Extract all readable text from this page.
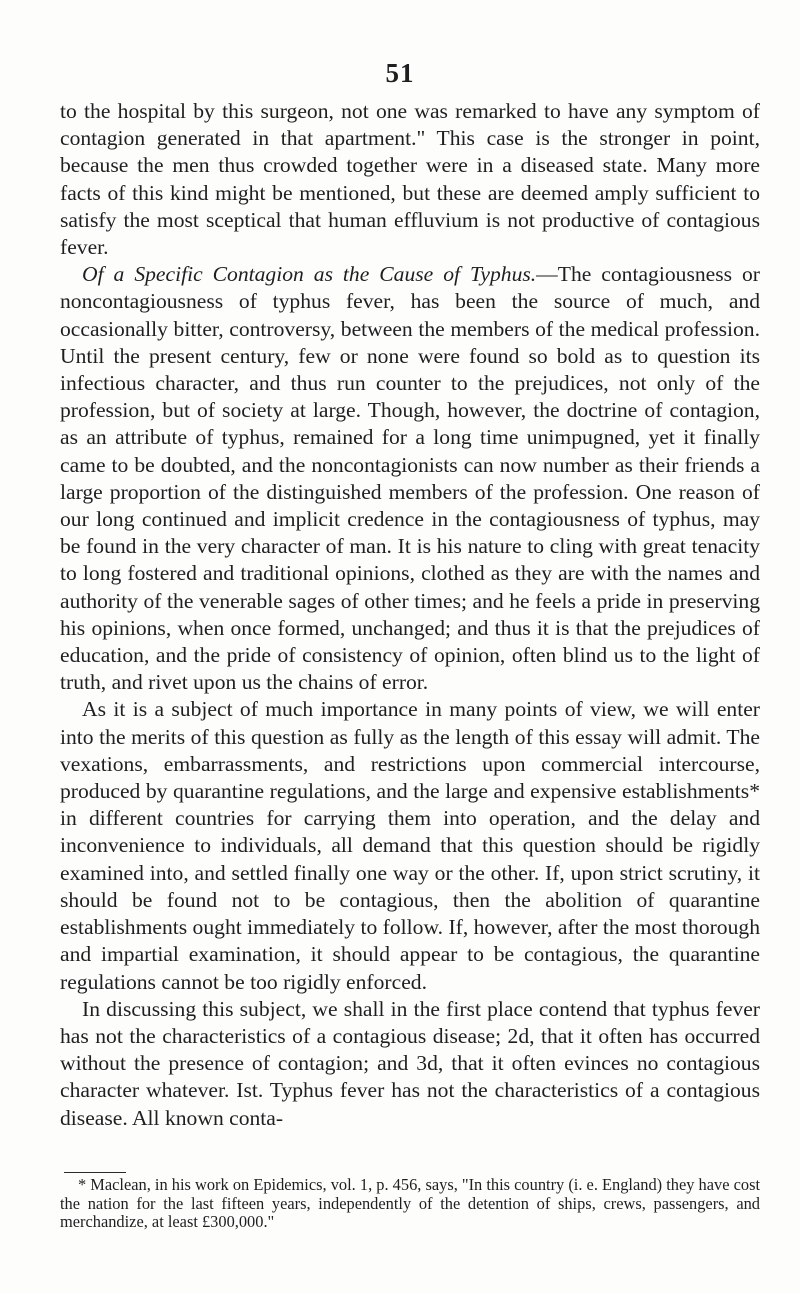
51

to the hospital by this surgeon, not one was remarked to have any symptom of contagion generated in that apartment." This case is the stronger in point, because the men thus crowded together were in a diseased state. Many more facts of this kind might be mentioned, but these are deemed amply sufficient to satisfy the most sceptical that human effluvium is not productive of contagious fever.

Of a Specific Contagion as the Cause of Typhus.—The contagiousness or noncontagiousness of typhus fever, has been the source of much, and occasionally bitter, controversy, between the members of the medical profession. Until the present century, few or none were found so bold as to question its infectious character, and thus run counter to the prejudices, not only of the profession, but of society at large. Though, however, the doctrine of contagion, as an attribute of typhus, remained for a long time unimpugned, yet it finally came to be doubted, and the noncontagionists can now number as their friends a large proportion of the distinguished members of the profession. One reason of our long continued and implicit credence in the contagiousness of typhus, may be found in the very character of man. It is his nature to cling with great tenacity to long fostered and traditional opinions, clothed as they are with the names and authority of the venerable sages of other times; and he feels a pride in preserving his opinions, when once formed, unchanged; and thus it is that the prejudices of education, and the pride of consistency of opinion, often blind us to the light of truth, and rivet upon us the chains of error.

As it is a subject of much importance in many points of view, we will enter into the merits of this question as fully as the length of this essay will admit. The vexations, embarrassments, and restrictions upon commercial intercourse, produced by quarantine regulations, and the large and expensive establishments* in different countries for carrying them into operation, and the delay and inconvenience to individuals, all demand that this question should be rigidly examined into, and settled finally one way or the other. If, upon strict scrutiny, it should be found not to be contagious, then the abolition of quarantine establishments ought immediately to follow. If, however, after the most thorough and impartial examination, it should appear to be contagious, the quarantine regulations cannot be too rigidly enforced.

In discussing this subject, we shall in the first place contend that typhus fever has not the characteristics of a contagious disease; 2d, that it often has occurred without the presence of contagion; and 3d, that it often evinces no contagious character whatever. Ist. Typhus fever has not the characteristics of a contagious disease. All known conta-

* Maclean, in his work on Epidemics, vol. 1, p. 456, says, "In this country (i. e. England) they have cost the nation for the last fifteen years, independently of the detention of ships, crews, passengers, and merchandize, at least £300,000."
